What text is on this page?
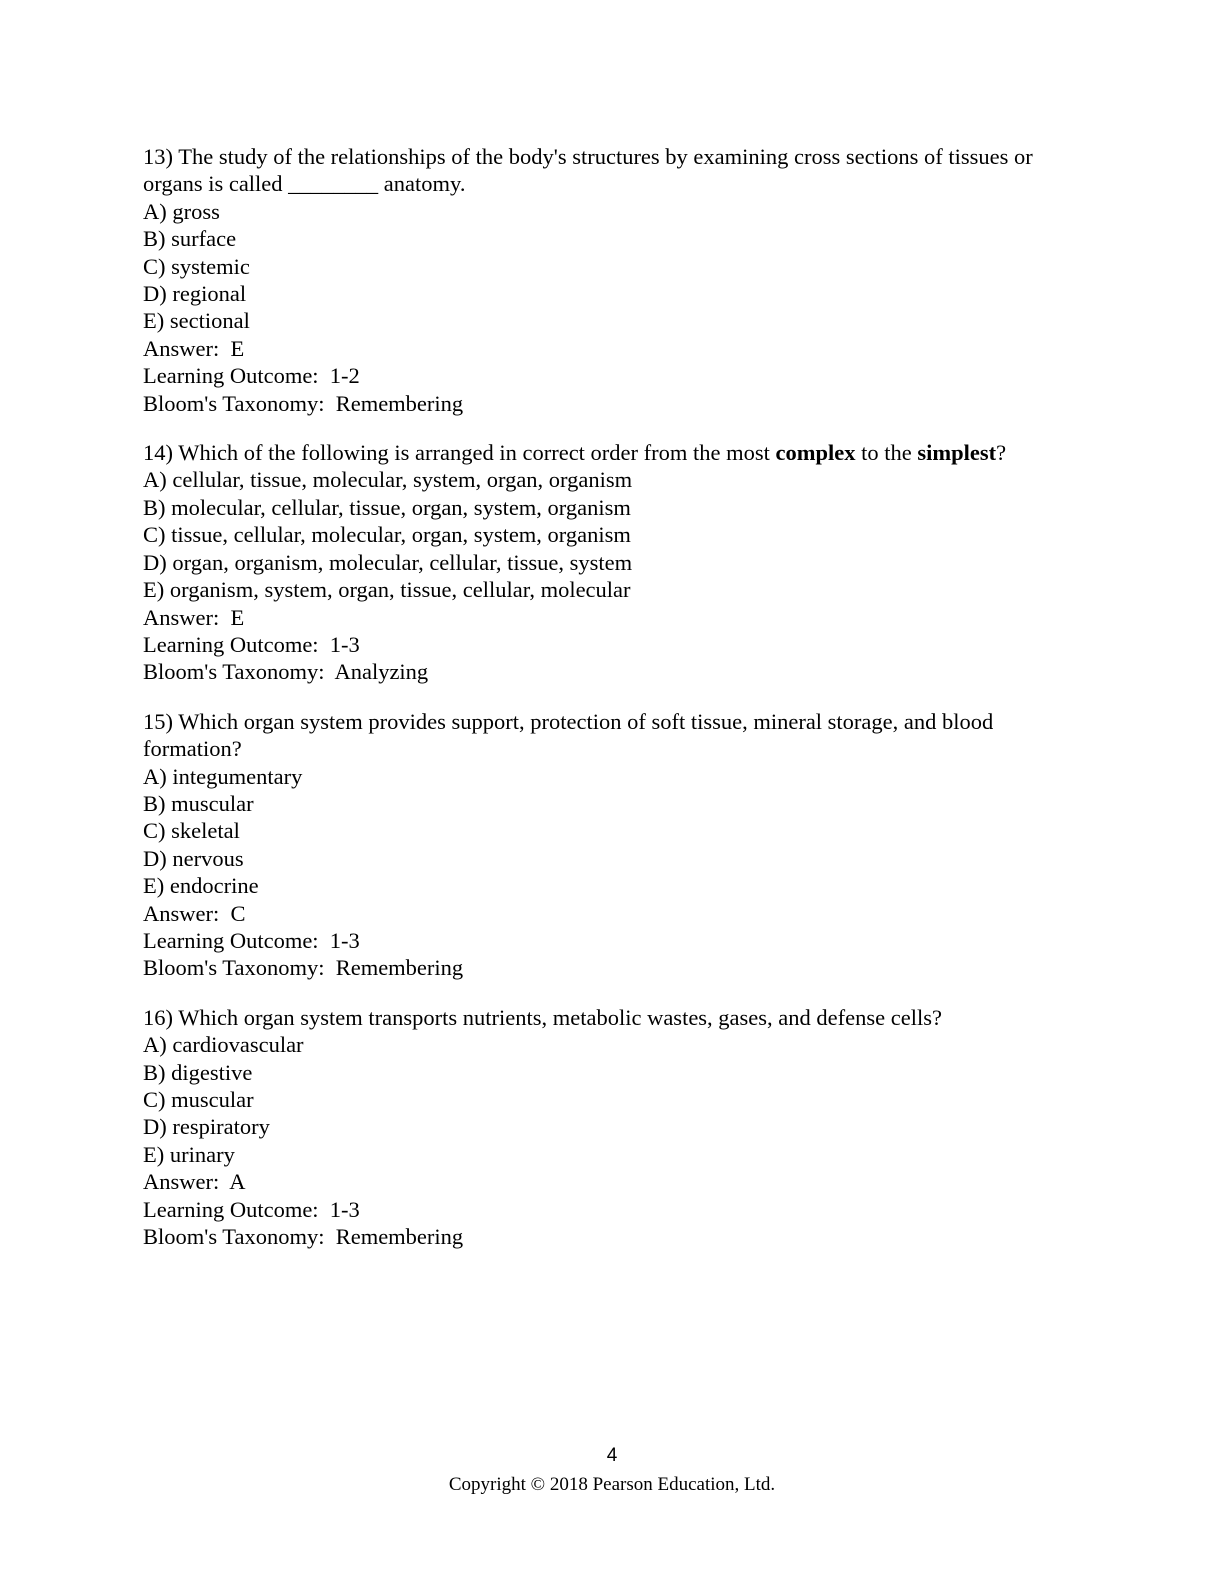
13) The study of the relationships of the body's structures by examining cross sections of tissues or organs is called ________ anatomy.
A) gross
B) surface
C) systemic
D) regional
E) sectional
Answer:  E
Learning Outcome:  1-2
Bloom's Taxonomy:  Remembering
14) Which of the following is arranged in correct order from the most complex to the simplest?
A) cellular, tissue, molecular, system, organ, organism
B) molecular, cellular, tissue, organ, system, organism
C) tissue, cellular, molecular, organ, system, organism
D) organ, organism, molecular, cellular, tissue, system
E) organism, system, organ, tissue, cellular, molecular
Answer:  E
Learning Outcome:  1-3
Bloom's Taxonomy:  Analyzing
15) Which organ system provides support, protection of soft tissue, mineral storage, and blood formation?
A) integumentary
B) muscular
C) skeletal
D) nervous
E) endocrine
Answer:  C
Learning Outcome:  1-3
Bloom's Taxonomy:  Remembering
16) Which organ system transports nutrients, metabolic wastes, gases, and defense cells?
A) cardiovascular
B) digestive
C) muscular
D) respiratory
E) urinary
Answer:  A
Learning Outcome:  1-3
Bloom's Taxonomy:  Remembering
4
Copyright © 2018 Pearson Education, Ltd.
